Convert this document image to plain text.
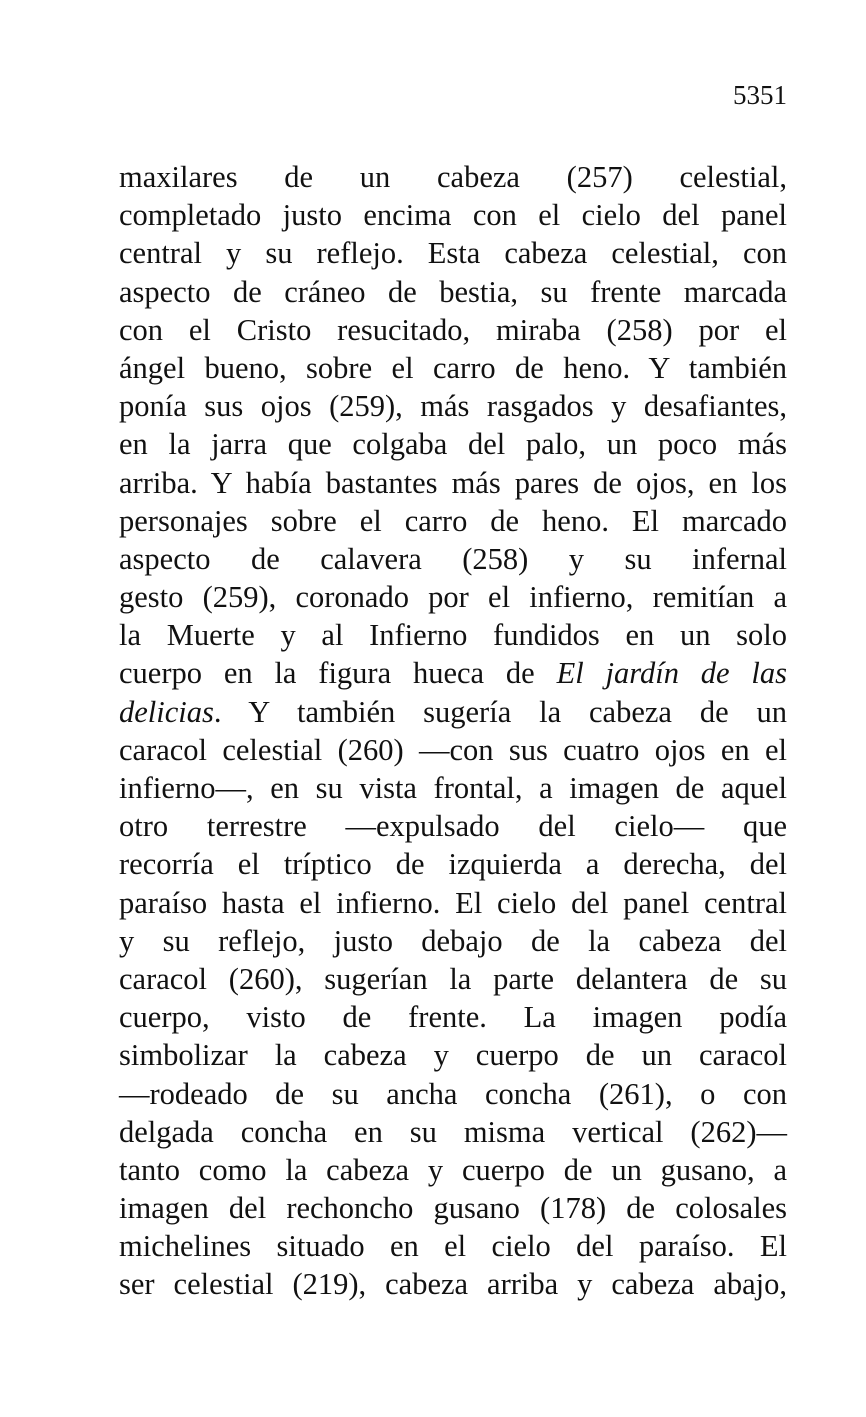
5351
maxilares de un cabeza (257) celestial,
completado justo encima con el cielo del panel
central y su reflejo. Esta cabeza celestial, con
aspecto de cráneo de bestia, su frente marcada
con el Cristo resucitado, miraba (258) por el
ángel bueno, sobre el carro de heno. Y también
ponía sus ojos (259), más rasgados y desafiantes,
en la jarra que colgaba del palo, un poco más
arriba. Y había bastantes más pares de ojos, en los
personajes sobre el carro de heno. El marcado
aspecto de calavera (258) y su infernal
gesto (259), coronado por el infierno, remitían a
la Muerte y al Infierno fundidos en un solo
cuerpo en la figura hueca de El jardín de las
delicias. Y también sugería la cabeza de un
caracol celestial (260) —con sus cuatro ojos en el
infierno—, en su vista frontal, a imagen de aquel
otro terrestre —expulsado del cielo— que
recorría el tríptico de izquierda a derecha, del
paraíso hasta el infierno. El cielo del panel central
y su reflejo, justo debajo de la cabeza del
caracol (260), sugerían la parte delantera de su
cuerpo, visto de frente. La imagen podía
simbolizar la cabeza y cuerpo de un caracol
—rodeado de su ancha concha (261), o con
delgada concha en su misma vertical (262)—
tanto como la cabeza y cuerpo de un gusano, a
imagen del rechoncho gusano (178) de colosales
michelines situado en el cielo del paraíso. El
ser celestial (219), cabeza arriba y cabeza abajo,
